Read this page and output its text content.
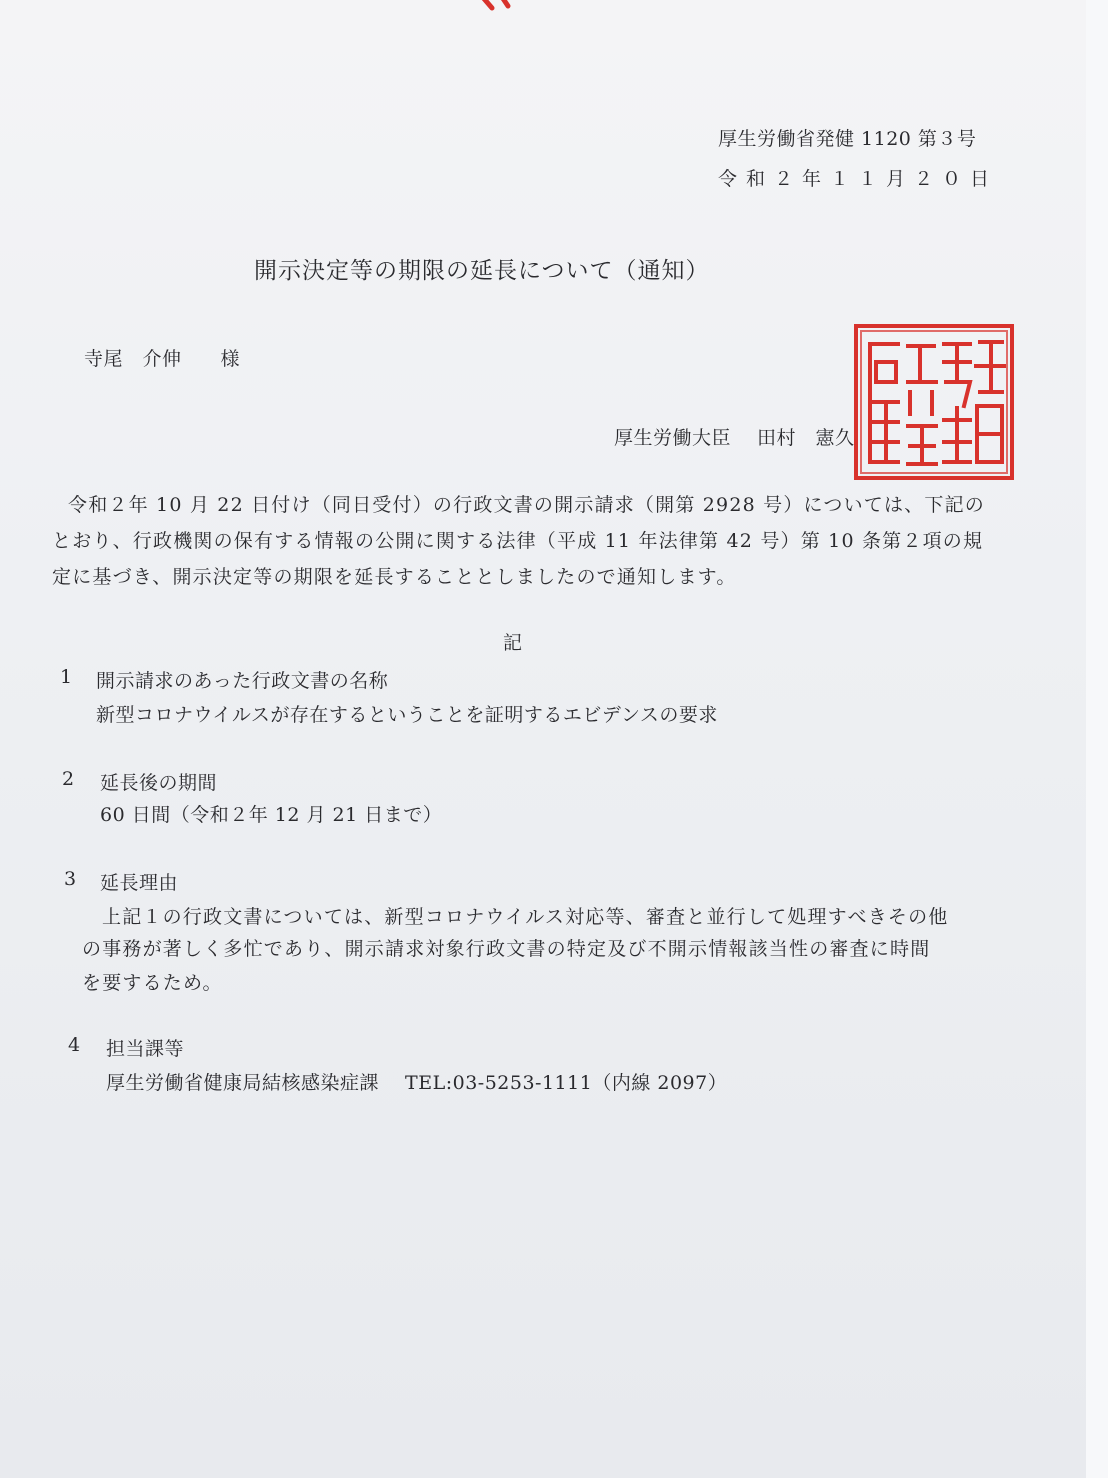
厚生労働省発健 1120 第３号
令和２年１１月２０日
開示決定等の期限の延長について（通知）
寺尾　介伸　　様
厚生労働大臣　 田村　憲久
令和２年 10 月 22 日付け（同日受付）の行政文書の開示請求（開第 2928 号）については、下記の
とおり、行政機関の保有する情報の公開に関する法律（平成 11 年法律第 42 号）第 10 条第２項の規
定に基づき、開示決定等の期限を延長することとしましたので通知します。
記
1 開示請求のあった行政文書の名称
新型コロナウイルスが存在するということを証明するエビデンスの要求
2 延長後の期間
60 日間（令和２年 12 月 21 日まで）
3 延長理由
上記１の行政文書については、新型コロナウイルス対応等、審査と並行して処理すべきその他
の事務が著しく多忙であり、開示請求対象行政文書の特定及び不開示情報該当性の審査に時間
を要するため。
4 担当課等
厚生労働省健康局結核感染症課　 TEL:03-5253-1111（内線 2097）
